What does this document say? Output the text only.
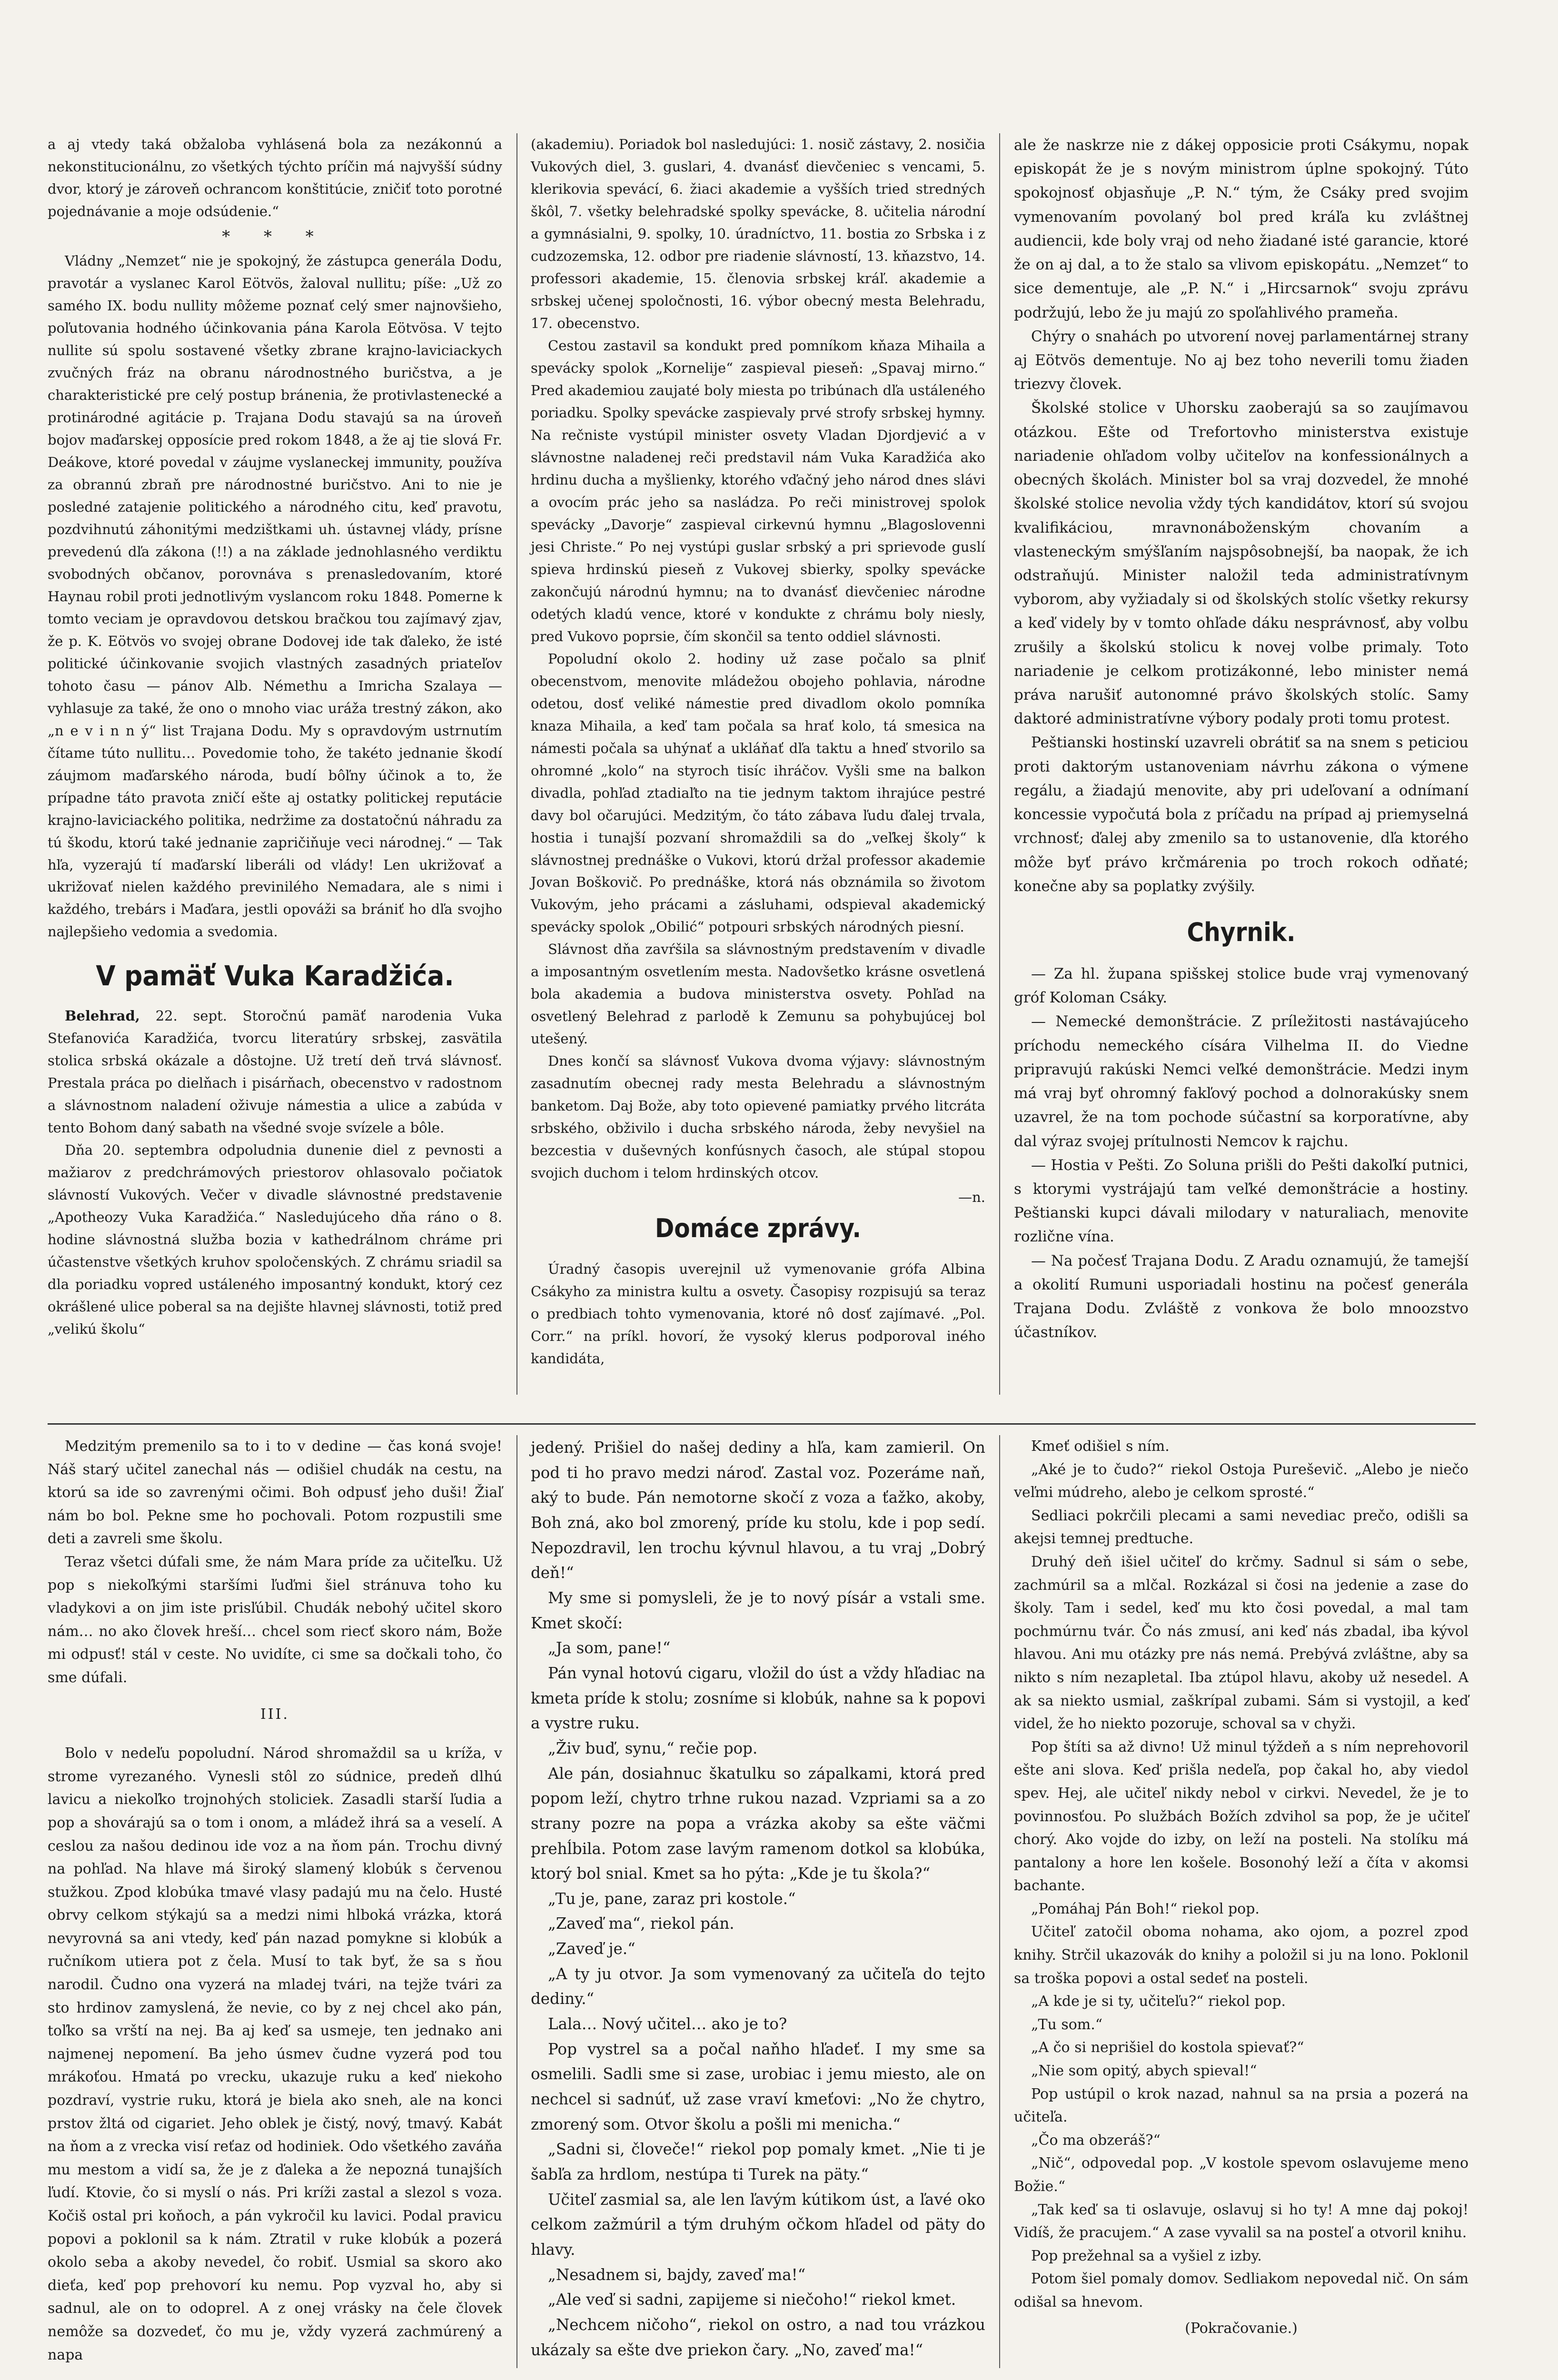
a aj vtedy taká obžaloba vyhlásená bola za nezákonnú a nekonstitucionálnu, zo všetkých týchto príčin má najvyšší súdny dvor, ktorý je zároveň ochrancom konštitúcie, zničiť toto porotné pojednávanie a moje odsúdenie.“

* * *

Vládny „Nemzet“ nie je spokojný, že zástupca generála Dodu, pravotár a vyslanec Karol Eötvös, žaloval nullitu; píše: „Už zo samého IX. bodu nullity môžeme poznať celý smer najnovšieho, poľutovania hodného účinkovania pána Karola Eötvösa. V tejto nullite sú spolu sostavené všetky zbrane krajno-laviciackych zvučných fráz na obranu národnostného buričstva, a je charakteristické pre celý postup bránenia, že protivlastenecké a protinárodné agitácie p. Trajana Dodu stavajú sa na úroveň bojov maďarskej opposície pred rokom 1848, a že aj tie slová Fr. Deákove, ktoré povedal v záujme vyslaneckej immunity, používa za obrannú zbraň pre národnostné buričstvo. Ani to nie je posledné zatajenie politického a národného citu, keď pravotu, pozdvihnutú záhonitými medzištkami uh. ústavnej vlády, prísne prevedenú dľa zákona (!!) a na základe jednohlasného verdiktu svobodných občanov, porovnáva s prenasledovaním, ktoré Haynau robil proti jednotlivým vyslancom roku 1848. Pomerne k tomto veciam je opravdovou detskou bračkou tou zajímavý zjav, že p. K. Eötvös vo svojej obrane Dodovej ide tak ďaleko, že isté politické účinkovanie svojich vlastných zasadných priateľov tohoto času — pánov Alb. Némethu a Imricha Szalaya — vyhlasuje za také, že ono o mnoho viac uráža trestný zákon, ako „n e v i n n ý“ list Trajana Dodu. My s opravdovým ustrnutím čítame túto nullitu… Povedomie toho, že takéto jednanie škodí záujmom maďarského národa, budí bôľny účinok a to, že prípadne táto pravota zničí ešte aj ostatky politickej reputácie krajno-laviciackého politika, nedržime za dostatočnú náhradu za tú škodu, ktorú také jednanie zapričiňuje veci národnej.“ — Tak hľa, vyzerajú tí maďarskí liberáli od vlády! Len ukrižovať a ukrižovať nielen každého previnilého Nemadara, ale s nimi i každého, trebárs i Maďara, jestli opováži sa brániť ho dľa svojho najlepšieho vedomia a svedomia.

V pamäť Vuka Karadžića.

Belehrad, 22. sept. Storočnú pamäť narodenia Vuka Stefanovića Karadžića, tvorcu literatúry srbskej, zasvätila stolica srbská okázale a dôstojne. Už tretí deň trvá slávnosť. Prestala práca po dielňach i pisárňach, obecenstvo v radostnom a slávnostnom naladení oživuje námestia a ulice a zabúda v tento Bohom daný sabath na všedné svoje svízele a bôle.

Dňa 20. septembra odpoludnia dunenie diel z pevnosti a mažiarov z predchrámových priestorov ohlasovalo počiatok slávností Vukových. Večer v divadle slávnostné predstavenie „Apotheozy Vuka Karadžića.“ Nasledujúceho dňa ráno o 8. hodine slávnostná služba bozia v kathedrálnom chráme pri účastenstve všetkých kruhov spoločenských. Z chrámu sriadil sa dla poriadku vopred ustáleného imposantný kondukt, ktorý cez okrášlené ulice poberal sa na dejište hlavnej slávnosti, totiž pred „velikú školu“

(akademiu). Poriadok bol nasledujúci: 1. nosič zástavy, 2. nosičia Vukových diel, 3. guslari, 4. dvanásť dievčeniec s vencami, 5. klerikovia spevácí, 6. žiaci akademie a vyšších tried stredných škôl, 7. všetky belehradské spolky spevácke, 8. učitelia národní a gymnásialni, 9. spolky, 10. úradníctvo, 11. bostia zo Srbska i z cudzozemska, 12. odbor pre riadenie slávností, 13. kňazstvo, 14. professori akademie, 15. členovia srbskej kráľ. akademie a srbskej učenej spoločnosti, 16. výbor obecný mesta Belehradu, 17. obecenstvo.

Cestou zastavil sa kondukt pred pomníkom kňaza Mihaila a spevácky spolok „Kornelije“ zaspieval pieseň: „Spavaj mirno.“ Pred akademiou zaujaté boly miesta po tribúnach dľa ustáleného poriadku. Spolky spevácke zaspievaly prvé strofy srbskej hymny. Na rečniste vystúpil minister osvety Vladan Djordjević a v slávnostne naladenej reči predstavil nám Vuka Karadžića ako hrdinu ducha a myšlienky, ktorého vďačný jeho národ dnes slávi a ovocím prác jeho sa nasládza. Po reči ministrovej spolok spevácky „Davorje“ zaspieval cirkevnú hymnu „Blagoslovenni jesi Christe.“ Po nej vystúpi guslar srbský a pri sprievode guslí spieva hrdinskú pieseň z Vukovej sbierky, spolky spevácke zakončujú národnú hymnu; na to dvanásť dievčeniec národne odetých kladú vence, ktoré v kondukte z chrámu boly niesly, pred Vukovo poprsie, čím skončil sa tento oddiel slávnosti.

Popoludní okolo 2. hodiny už zase počalo sa plniť obecenstvom, menovite mládežou obojeho pohlavia, národne odetou, dosť veliké námestie pred divadlom okolo pomníka knaza Mihaila, a keď tam počala sa hrať kolo, tá smesica na námesti počala sa uhýnať a ukláňať dľa taktu a hneď stvorilo sa ohromné „kolo“ na styroch tisíc ihráčov. Vyšli sme na balkon divadla, pohľad ztadiaľto na tie jednym taktom ihrajúce pestré davy bol očarujúci. Medzitým, čo táto zábava ľudu ďalej trvala, hostia i tunajší pozvaní shromaždili sa do „veľkej školy“ k slávnostnej prednáške o Vukovi, ktorú držal professor akademie Jovan Boškovič. Po prednáške, ktorá nás obznámila so životom Vukovým, jeho prácami a zásluhami, odspieval akademický spevácky spolok „Obilić“ potpouri srbských národných piesní.

Slávnost dňa zavŕšila sa slávnostným predstavením v divadle a imposantným osvetlením mesta. Nadovšetko krásne osvetlená bola akademia a budova ministerstva osvety. Pohľad na osvetlený Belehrad z parlodě k Zemunu sa pohybujúcej bol utešený.

Dnes končí sa slávnosť Vukova dvoma výjavy: slávnostným zasadnutím obecnej rady mesta Belehradu a slávnostným banketom. Daj Bože, aby toto opievené pamiatky prvého litcráta srbského, obživilo i ducha srbského národa, žeby nevyšiel na bezcestia v duševných konfúsnych časoch, ale stúpal stopou svojich duchom i telom hrdinských otcov.

—n.
Domáce zprávy.

Úradný časopis uverejnil už vymenovanie grófa Albina Csákyho za ministra kultu a osvety. Časopisy rozpisujú sa teraz o predbiach tohto vymenovania, ktoré nô dosť zajímavé. „Pol. Corr.“ na príkl. hovorí, že vysoký klerus podporoval iného kandidáta,

ale že naskrze nie z dákej opposicie proti Csákymu, nopak episkopát že je s novým ministrom úplne spokojný. Túto spokojnosť objasňuje „P. N.“ tým, že Csáky pred svojim vymenovaním povolaný bol pred kráľa ku zvláštnej audiencii, kde boly vraj od neho žiadané isté garancie, ktoré že on aj dal, a to že stalo sa vlivom episkopátu. „Nemzet“ to sice dementuje, ale „P. N.“ i „Hircsarnok“ svoju zprávu podržujú, lebo že ju majú zo spoľahlivého prameňa.

Chýry o snahách po utvorení novej parlamentárnej strany aj Eötvös dementuje. No aj bez toho neverili tomu žiaden triezvy človek.

Školské stolice v Uhorsku zaoberajú sa so zaujímavou otázkou. Ešte od Trefortovho ministerstva existuje nariadenie ohľadom volby učiteľov na konfessionálnych a obecných školách. Minister bol sa vraj dozvedel, že mnohé školské stolice nevolia vždy tých kandidátov, ktorí sú svojou kvalifikáciou, mravnonáboženským chovaním a vlasteneckým smýšľaním najspôsobnejší, ba naopak, že ich odstraňujú. Minister naložil teda administratívnym vyborom, aby vyžiadaly si od školských stolíc všetky rekursy a keď videly by v tomto ohľade dáku nesprávnosť, aby volbu zrušily a školskú stolicu k novej volbe primaly. Toto nariadenie je celkom protizákonné, lebo minister nemá práva narušiť autonomné právo školských stolíc. Samy daktoré administratívne výbory podaly proti tomu protest.

Peštianski hostinskí uzavreli obrátiť sa na snem s peticiou proti daktorým ustanoveniam návrhu zákona o výmene regálu, a žiadajú menovite, aby pri udeľovaní a odnímaní koncessie vypočutá bola z príčadu na prípad aj priemyselná vrchnosť; ďalej aby zmenilo sa to ustanovenie, dľa ktorého môže byť právo krčmárenia po troch rokoch odňaté; konečne aby sa poplatky zvýšily.

Chyrnik.

— Za hl. župana spišskej stolice bude vraj vymenovaný gróf Koloman Csáky.

— Nemecké demonštrácie. Z príležitosti nastávajúceho príchodu nemeckého císára Vilhelma II. do Viedne pripravujú rakúski Nemci veľké demonštrácie. Medzi inym má vraj byť ohromný fakľový pochod a dolnorakúsky snem uzavrel, že na tom pochode súčastní sa korporatívne, aby dal výraz svojej prítulnosti Nemcov k rajchu.

— Hostia v Pešti. Zo Soluna prišli do Pešti dakoľkí putnici, s ktorymi vystrájajú tam veľké demonštrácie a hostiny. Peštianski kupci dávali milodary v naturaliach, menovite rozlične vína.

— Na počesť Trajana Dodu. Z Aradu oznamujú, že tamejší a okolití Rumuni usporiadali hostinu na počesť generála Trajana Dodu. Zvláště z vonkova že bolo mnoozstvo účastníkov.

Medzitým premenilo sa to i to v dedine — čas koná svoje! Náš starý učitel zanechal nás — odišiel chudák na cestu, na ktorú sa ide so zavrenými očimi. Boh odpusť jeho duši! Žiaľ nám bo bol. Pekne sme ho pochovali. Potom rozpustili sme deti a zavreli sme školu.

Teraz všetci dúfali sme, že nám Mara príde za učiteľku. Už pop s niekoľkými staršími ľuďmi šiel stránuva toho ku vladykovi a on jim iste prisľúbil. Chudák nebohý učitel skoro nám… no ako človek hreší… chcel som riecť skoro nám, Bože mi odpusť! stál v ceste. No uvidíte, ci sme sa dočkali toho, čo sme dúfali.

III.

Bolo v nedeľu popoludní. Národ shromaždil sa u kríža, v strome vyrezaného. Vynesli stôl zo súdnice, predeň dlhú lavicu a niekoľko trojnohých stoliciek. Zasadli starší ľudia a pop a shovárajú sa o tom i onom, a mládež ihrá sa a veselí. A ceslou za našou dedinou ide voz a na ňom pán. Trochu divný na pohľad. Na hlave má široký slamený klobúk s červenou stužkou. Zpod klobúka tmavé vlasy padajú mu na čelo. Husté obrvy celkom stýkajú sa a medzi nimi hlboká vrázka, ktorá nevyrovná sa ani vtedy, keď pán nazad pomykne si klobúk a ručníkom utiera pot z čela. Musí to tak byť, že sa s ňou narodil. Čudno ona vyzerá na mladej tvári, na tejže tvári za sto hrdinov zamyslená, že nevie, co by z nej chcel ako pán, toľko sa vrští na nej. Ba aj keď sa usmeje, ten jednako ani najmenej nepomení. Ba jeho úsmev čudne vyzerá pod tou mrákoťou. Hmatá po vrecku, ukazuje ruku a keď niekoho pozdraví, vystrie ruku, ktorá je biela ako sneh, ale na konci prstov žltá od cigariet. Jeho oblek je čistý, nový, tmavý. Kabát na ňom a z vrecka visí reťaz od hodiniek. Odo všetkého zaváňa mu mestom a vidí sa, že je z ďaleka a že nepozná tunajších ľudí. Ktovie, čo si myslí o nás. Pri kríži zastal a slezol s voza. Kočiš ostal pri koňoch, a pán vykročil ku lavici. Podal pravicu popovi a poklonil sa k nám. Ztratil v ruke klobúk a pozerá okolo seba a akoby nevedel, čo robiť. Usmial sa skoro ako dieťa, keď pop prehovorí ku nemu. Pop vyzval ho, aby si sadnul, ale on to odoprel. A z onej vrásky na čele človek nemôže sa dozvedeť, čo mu je, vždy vyzerá zachmúrený a napa

jedený. Prišiel do našej dediny a hľa, kam zamieril. On pod ti ho pravo medzi nároď. Zastal voz. Pozeráme naň, aký to bude. Pán nemotorne skočí z voza a ťažko, akoby, Boh zná, ako bol zmorený, príde ku stolu, kde i pop sedí. Nepozdravil, len trochu kývnul hlavou, a tu vraj „Dobrý deň!“

My sme si pomysleli, že je to nový písár a vstali sme. Kmet skočí:

„Ja som, pane!“

Pán vynal hotovú cigaru, vložil do úst a vždy hľadiac na kmeta príde k stolu; zosníme si klobúk, nahne sa k popovi a vystre ruku.

„Živ buď, synu,“ rečie pop.

Ale pán, dosiahnuc škatulku so zápalkami, ktorá pred popom leží, chytro trhne rukou nazad. Vzpriami sa a zo strany pozre na popa a vrázka akoby sa ešte väčmi prehĺbila. Potom zase lavým ramenom dotkol sa klobúka, ktorý bol snial. Kmet sa ho pýta: „Kde je tu škola?“

„Tu je, pane, zaraz pri kostole.“

„Zaveď ma“, riekol pán.

„Zaveď je.“

„A ty ju otvor. Ja som vymenovaný za učiteľa do tejto dediny.“

Lala… Nový učitel… ako je to?

Pop vystrel sa a počal naňho hľadeť. I my sme sa osmelili. Sadli sme si zase, urobiac i jemu miesto, ale on nechcel si sadnúť, už zase vraví kmeťovi: „No že chytro, zmorený som. Otvor školu a pošli mi menicha.“

„Sadni si, človeče!“ riekol pop pomaly kmet. „Nie ti je šabľa za hrdlom, nestúpa ti Turek na päty.“

Učiteľ zasmial sa, ale len ľavým kútikom úst, a ľavé oko celkom zažmúril a tým druhým očkom hľadel od päty do hlavy.

„Nesadnem si, bajdy, zaveď ma!“

„Ale veď si sadni, zapijeme si niečoho!“ riekol kmet.

„Nechcem ničoho“, riekol on ostro, a nad tou vrázkou ukázaly sa ešte dve priekon čary. „No, zaveď ma!“

Kmeť odišiel s ním.

„Aké je to čudo?“ riekol Ostoja Pureševič. „Alebo je niečo veľmi múdreho, alebo je celkom sprosté.“

Sedliaci pokrčili plecami a sami nevediac prečo, odišli sa akejsi temnej predtuche.

Druhý deň išiel učiteľ do krčmy. Sadnul si sám o sebe, zachmúril sa a mlčal. Rozkázal si čosi na jedenie a zase do školy. Tam i sedel, keď mu kto čosi povedal, a mal tam pochmúrnu tvár. Čo nás zmusí, ani keď nás zbadal, iba kývol hlavou. Ani mu otázky pre nás nemá. Prebývá zvláštne, aby sa nikto s ním nezapletal. Iba ztúpol hlavu, akoby už nesedel. A ak sa niekto usmial, zaškrípal zubami. Sám si vystojil, a keď videl, že ho niekto pozoruje, schoval sa v chyži.

Pop štíti sa až divno! Už minul týždeň a s ním neprehovoril ešte ani slova. Keď prišla nedeľa, pop čakal ho, aby viedol spev. Hej, ale učiteľ nikdy nebol v cirkvi. Nevedel, že je to povinnosťou. Po službách Božích zdvihol sa pop, že je učiteľ chorý. Ako vojde do izby, on leží na posteli. Na stolíku má pantalony a hore len košele. Bosonohý leží a číta v akomsi bachante.

„Pomáhaj Pán Boh!“ riekol pop.

Učiteľ zatočil oboma nohama, ako ojom, a pozrel zpod knihy. Strčil ukazovák do knihy a položil si ju na lono. Poklonil sa troška popovi a ostal sedeť na posteli.

„A kde je si ty, učiteľu?“ riekol pop.

„Tu som.“

„A čo si neprišiel do kostola spievať?“

„Nie som opitý, abych spieval!“

Pop ustúpil o krok nazad, nahnul sa na prsia a pozerá na učiteľa.

„Čo ma obzeráš?“

„Nič“, odpovedal pop. „V kostole spevom oslavujeme meno Božie.“

„Tak keď sa ti oslavuje, oslavuj si ho ty! A mne daj pokoj! Vidíš, že pracujem.“ A zase vyvalil sa na posteľ a otvoril knihu.

Pop prežehnal sa a vyšiel z izby.

Potom šiel pomaly domov. Sedliakom nepovedal nič. On sám odišal sa hnevom.

(Pokračovanie.)
